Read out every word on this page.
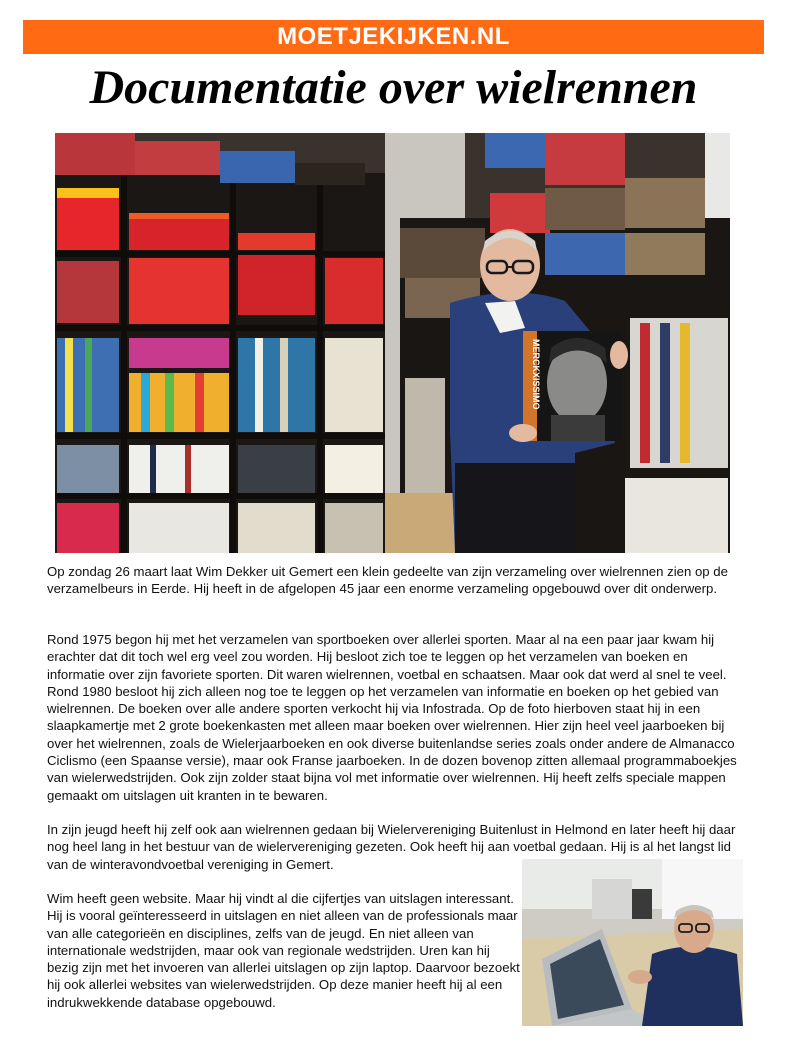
MOETJEKIJKEN.NL
Documentatie over wielrennen
MERCKXISSIMO

Op zondag 26 maart laat Wim Dekker uit Gemert een klein gedeelte van zijn verzameling over wielrennen zien op de verzamelbeurs in Eerde. Hij heeft in de afgelopen 45 jaar een enorme verzameling opgebouwd over dit onderwerp.

Rond 1975 begon hij met het verzamelen van sportboeken over allerlei sporten. Maar al na een paar jaar kwam hij erachter dat dit toch wel erg veel zou worden. Hij besloot zich toe te leggen op het verzamelen van boeken en informatie over zijn favoriete sporten. Dit waren wielrennen, voetbal en schaatsen. Maar ook dat werd al snel te veel. Rond 1980 besloot hij zich alleen nog toe te leggen op het verzamelen van informatie en boeken op het gebied van wielrennen. De boeken over alle andere sporten verkocht hij via Infostrada. Op de foto hierboven staat hij in een slaapkamertje met 2 grote boekenkasten met alleen maar boeken over wielrennen. Hier zijn heel veel jaarboeken bij over het wielrennen, zoals de Wielerjaarboeken en ook diverse buitenlandse series zoals onder andere de Almanacco Ciclismo (een Spaanse versie), maar ook Franse jaarboeken. In de dozen bovenop zitten allemaal programmaboekjes van wielerwedstrijden. Ook zijn zolder staat bijna vol met informatie over wielrennen. Hij heeft zelfs speciale mappen gemaakt om uitslagen uit kranten in te bewaren.

In zijn jeugd heeft hij zelf ook aan wielrennen gedaan bij Wielervereniging Buitenlust in Helmond en later heeft hij daar nog heel lang in het bestuur van de wielervereniging gezeten. Ook heeft hij aan voetbal gedaan. Hij is al het langst lid van de winteravondvoetbal vereniging in Gemert.

Wim heeft geen website. Maar hij vindt al die cijfertjes van uitslagen interessant. Hij is vooral geïnteresseerd in uitslagen en niet alleen van de professionals maar van alle categorieën en disciplines, zelfs van de jeugd. En niet alleen van internationale wedstrijden, maar ook van regionale wedstrijden. Uren kan hij bezig zijn met het invoeren van allerlei uitslagen op zijn laptop. Daarvoor bezoekt hij ook allerlei websites van wielerwedstrijden. Op deze manier heeft hij al een indrukwekkende database opgebouwd.
